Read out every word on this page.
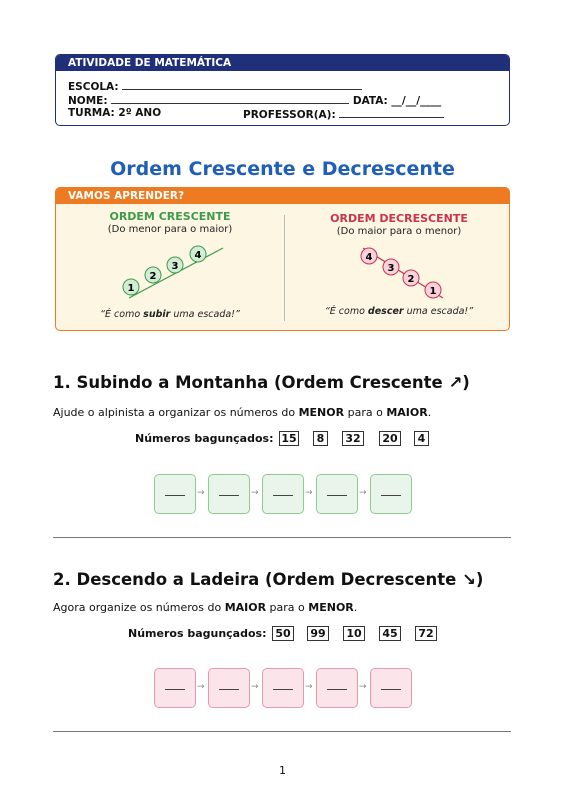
ATIVIDADE DE MATEMÁTICA
ESCOLA:
NOME:	DATA: __/__/____
TURMA: 2º ANO	PROFESSOR(A):
Ordem Crescente e Decrescente
VAMOS APRENDER?
ORDEM CRESCENTE
(Do menor para o maior)
1
2
3
4
“É como subir uma escada!”
ORDEM DECRESCENTE
(Do maior para o menor)
4
3
2
1
“É como descer uma escada!”
1. Subindo a Montanha (Ordem Crescente ↗)
Ajude o alpinista a organizar os números do MENOR para o MAIOR.
Números bagunçados: 15	8	32	20	4
→	→	→	→
2. Descendo a Ladeira (Ordem Decrescente ↘)
Agora organize os números do MAIOR para o MENOR.
Números bagunçados: 50	99	10	45	72
→	→	→	→
1
